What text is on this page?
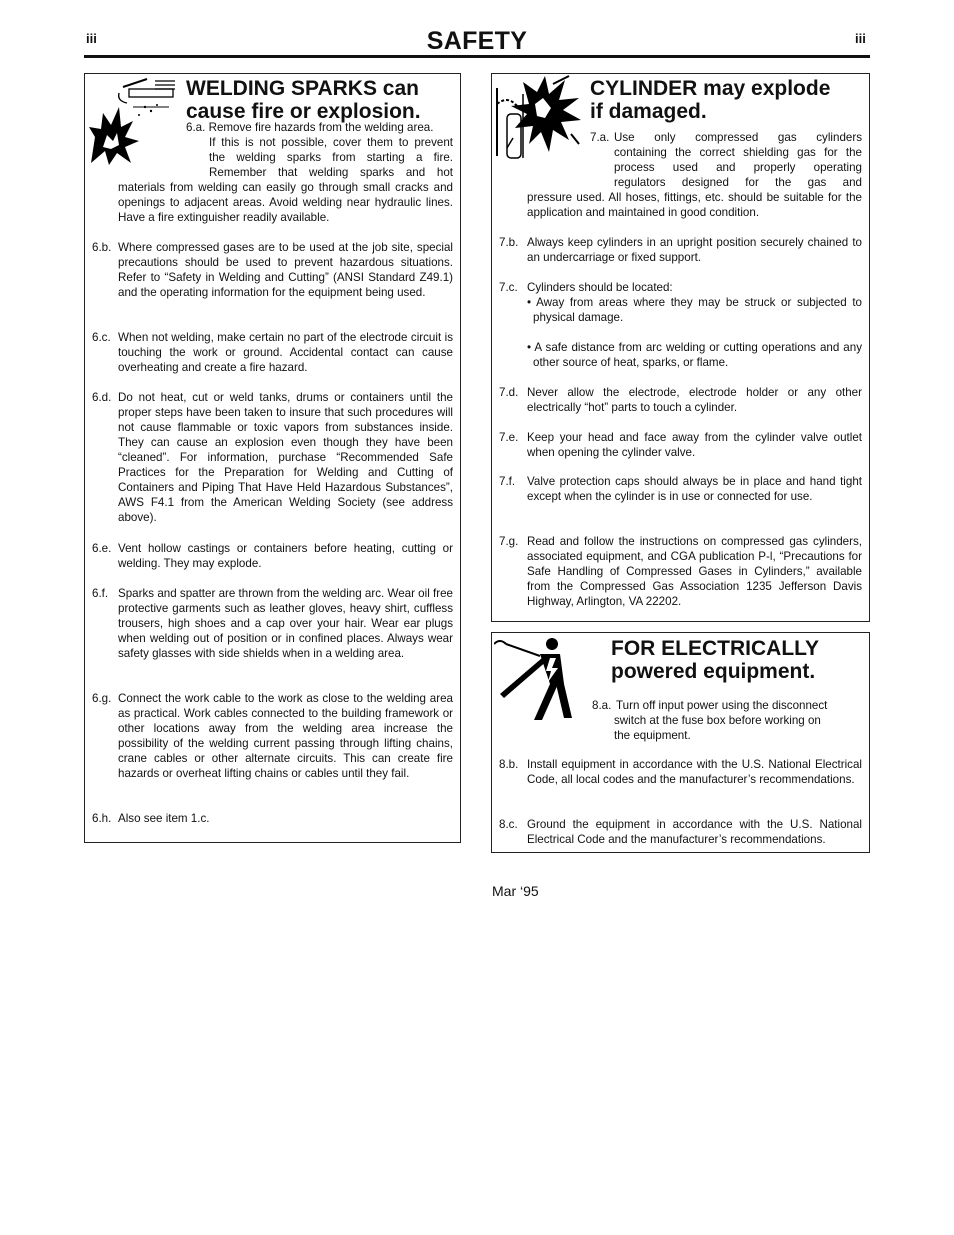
iii	iii
SAFETY
WELDING SPARKS can
cause fire or explosion.
6.a. Remove fire hazards from the welding area.
If this is not possible, cover them to prevent
the welding sparks from starting a fire.
Remember that welding sparks and hot
materials from welding can easily go through small cracks and openings to adjacent areas. Avoid welding near hydraulic lines. Have a fire extinguisher readily available.
6.b. Where compressed gases are to be used at the job site, special precautions should be used to prevent hazardous situations. Refer to “Safety in Welding and Cutting” (ANSI Standard Z49.1) and the operating information for the equipment being used.
6.c. When not welding, make certain no part of the electrode circuit is touching the work or ground. Accidental contact can cause overheating and create a fire hazard.
6.d. Do not heat, cut or weld tanks, drums or containers until the proper steps have been taken to insure that such procedures will not cause flammable or toxic vapors from substances inside. They can cause an explosion even though they have been “cleaned”. For information, purchase “Recommended Safe Practices for the Preparation for Welding and Cutting of Containers and Piping That Have Held Hazardous Substances”, AWS F4.1 from the American Welding Society (see address above).
6.e. Vent hollow castings or containers before heating, cutting or welding. They may explode.
6.f. Sparks and spatter are thrown from the welding arc. Wear oil free protective garments such as leather gloves, heavy shirt, cuffless trousers, high shoes and a cap over your hair. Wear ear plugs when welding out of position or in confined places. Always wear safety glasses with side shields when in a welding area.
6.g. Connect the work cable to the work as close to the welding area as practical. Work cables connected to the building framework or other locations away from the welding area increase the possibility of the welding current passing through lifting chains, crane cables or other alternate circuits. This can create fire hazards or overheat lifting chains or cables until they fail.
6.h. Also see item 1.c.
CYLINDER may explode
if damaged.
7.a. Use only compressed gas cylinders
containing the correct shielding gas for the
process used and properly operating
regulators designed for the gas and
pressure used. All hoses, fittings, etc. should be suitable for the application and maintained in good condition.
7.b. Always keep cylinders in an upright position securely chained to an undercarriage or fixed support.
7.c. Cylinders should be located:
• Away from areas where they may be struck or subjected to physical damage.
• A safe distance from arc welding or cutting operations and any other source of heat, sparks, or flame.
7.d. Never allow the electrode, electrode holder or any other electrically “hot” parts to touch a cylinder.
7.e. Keep your head and face away from the cylinder valve outlet when opening the cylinder valve.
7.f. Valve protection caps should always be in place and hand tight except when the cylinder is in use or connected for use.
7.g. Read and follow the instructions on compressed gas cylinders, associated equipment, and CGA publication P-l, “Precautions for Safe Handling of Compressed Gases in Cylinders,” available from the Compressed Gas Association 1235 Jefferson Davis Highway, Arlington, VA 22202.
FOR ELECTRICALLY
powered equipment.
8.a. Turn off input power using the disconnect
switch at the fuse box before working on
the equipment.
8.b. Install equipment in accordance with the U.S. National Electrical Code, all local codes and the manufacturer’s recommendations.
8.c. Ground the equipment in accordance with the U.S. National Electrical Code and the manufacturer’s recommendations.
Mar ‘95
